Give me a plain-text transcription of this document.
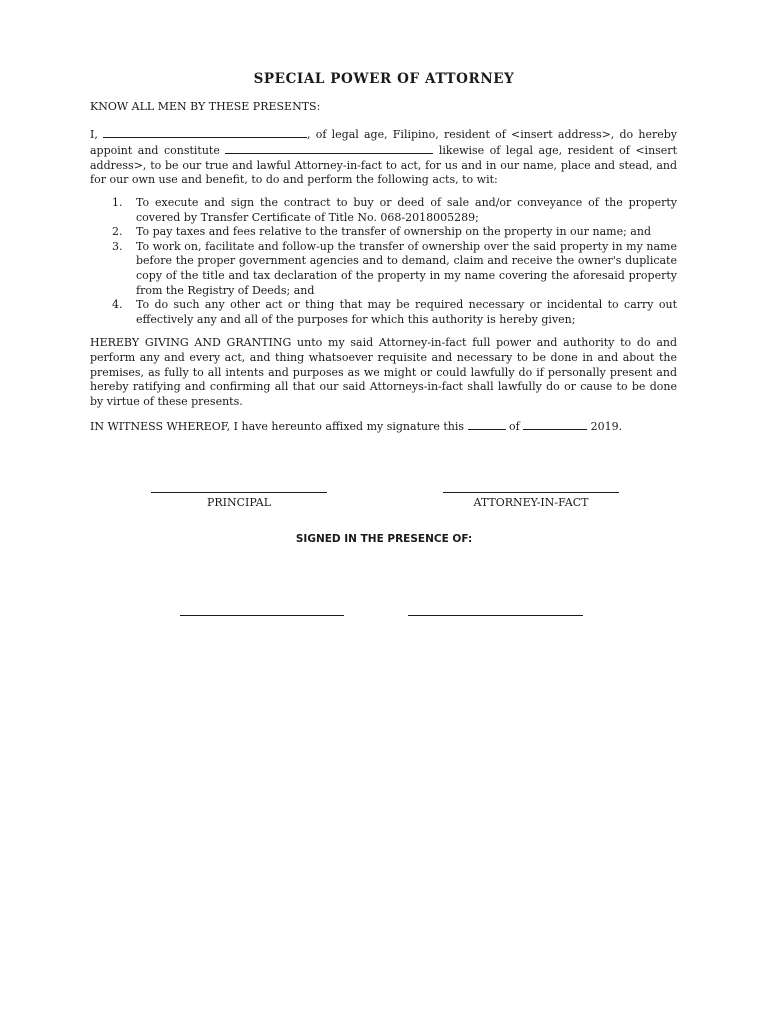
SPECIAL POWER OF ATTORNEY

KNOW ALL MEN BY THESE PRESENTS:

I,	, of legal age, Filipino, resident of <insert address>, do hereby appoint and constitute	likewise of legal age, resident of <insert address>, to be our true and lawful Attorney-in-fact to act, for us and in our name, place and stead, and for our own use and benefit, to do and perform the following acts, to wit:

1. To execute and sign the contract to buy or deed of sale and/or conveyance of the property covered by Transfer Certificate of Title No. 068-2018005289;
2. To pay taxes and fees relative to the transfer of ownership on the property in our name; and
3. To work on, facilitate and follow-up the transfer of ownership over the said property in my name before the proper government agencies and to demand, claim and receive the owner's duplicate copy of the title and tax declaration of the property in my name covering the aforesaid property from the Registry of Deeds; and
4. To do such any other act or thing that may be required necessary or incidental to carry out effectively any and all of the purposes for which this authority is hereby given;

HEREBY GIVING AND GRANTING unto my said Attorney-in-fact full power and authority to do and perform any and every act, and thing whatsoever requisite and necessary to be done in and about the premises, as fully to all intents and purposes as we might or could lawfully do if personally present and hereby ratifying and confirming all that our said Attorneys-in-fact shall lawfully do or cause to be done by virtue of these presents.

IN WITNESS WHEREOF, I have hereunto affixed my signature this	of	2019.

PRINCIPAL	ATTORNEY-IN-FACT
SIGNED IN THE PRESENCE OF:
